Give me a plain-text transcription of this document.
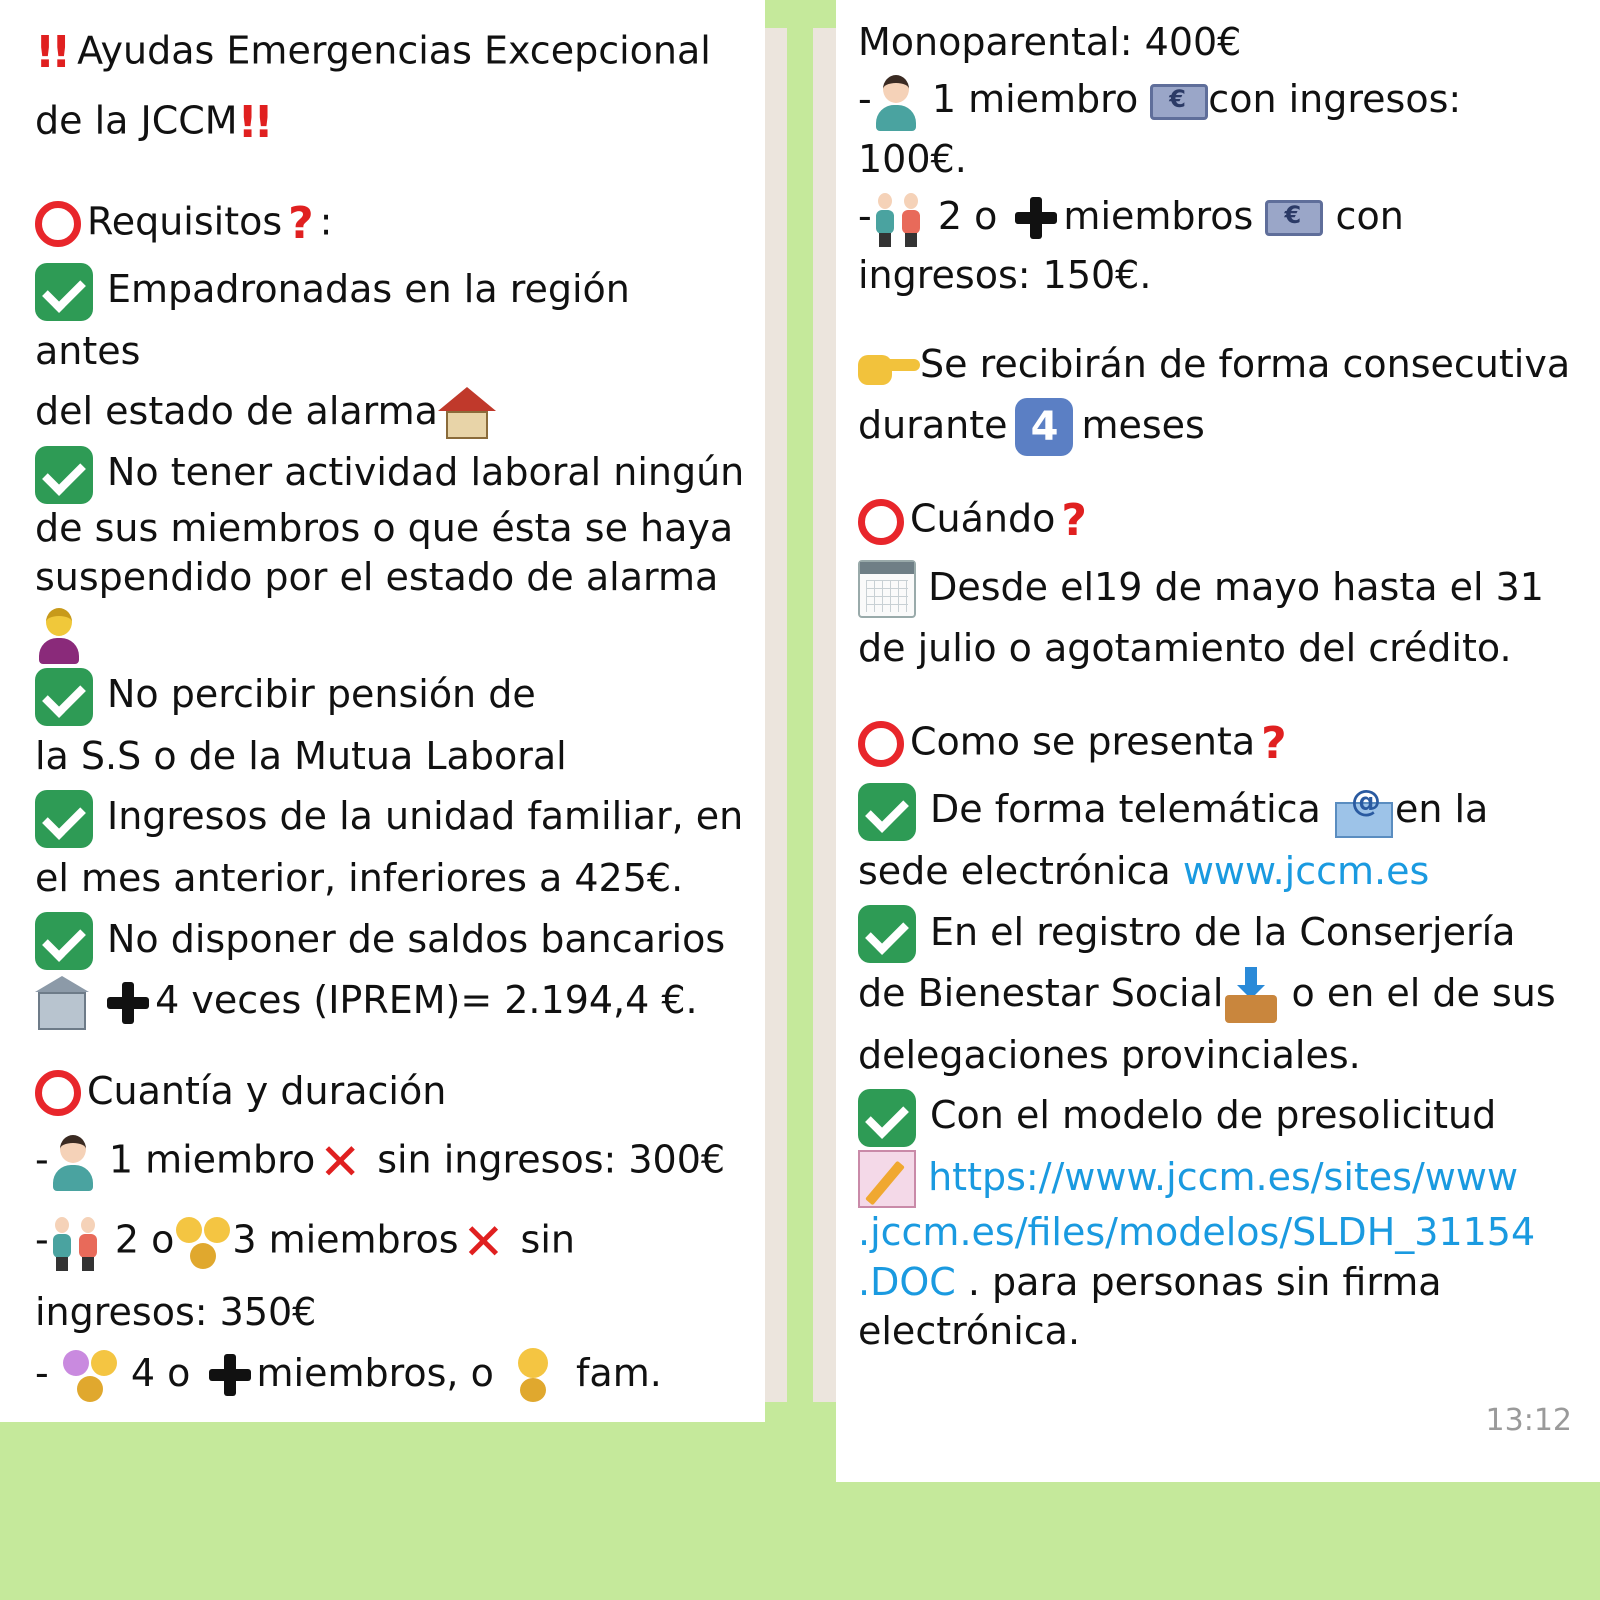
!! Ayudas Emergencias Excepcional
de la JCCM!!
Requisitos ? :
Empadronadas en la región antes
del estado de alarma
No tener actividad laboral ningún
de sus miembros o que ésta se haya
suspendido por el estado de alarma
No percibir pensión de
la S.S o de la Mutua Laboral
Ingresos de la unidad familiar, en
el mes anterior, inferiores a 425€.
No disponer de saldos bancarios
4 veces (IPREM)= 2.194,4 €.
Cuantía y duración
- 1 miembro✕ sin ingresos: 300€
- 2 o 3 miembros✕ sin
ingresos: 350€
-
4 o miembros, o fam.
Monoparental: 400€
- 1 miembro € con ingresos:
100€.
- 2 o miembros € con
ingresos: 150€.
Se recibirán de forma consecutiva
durante 4 meses
Cuándo ?
Desde el19 de mayo hasta el 31
de julio o agotamiento del crédito.
Como se presenta ?
De forma telemática @ en la
sede electrónica www.jccm.es
En el registro de la Conserjería
de Bienestar Social o en el de sus
delegaciones provinciales.
Con el modelo de presolicitud
https://www.jccm.es/sites/www
.jccm.es/files/modelos/SLDH_31154
.DOC . para personas sin firma
electrónica.
13:12
